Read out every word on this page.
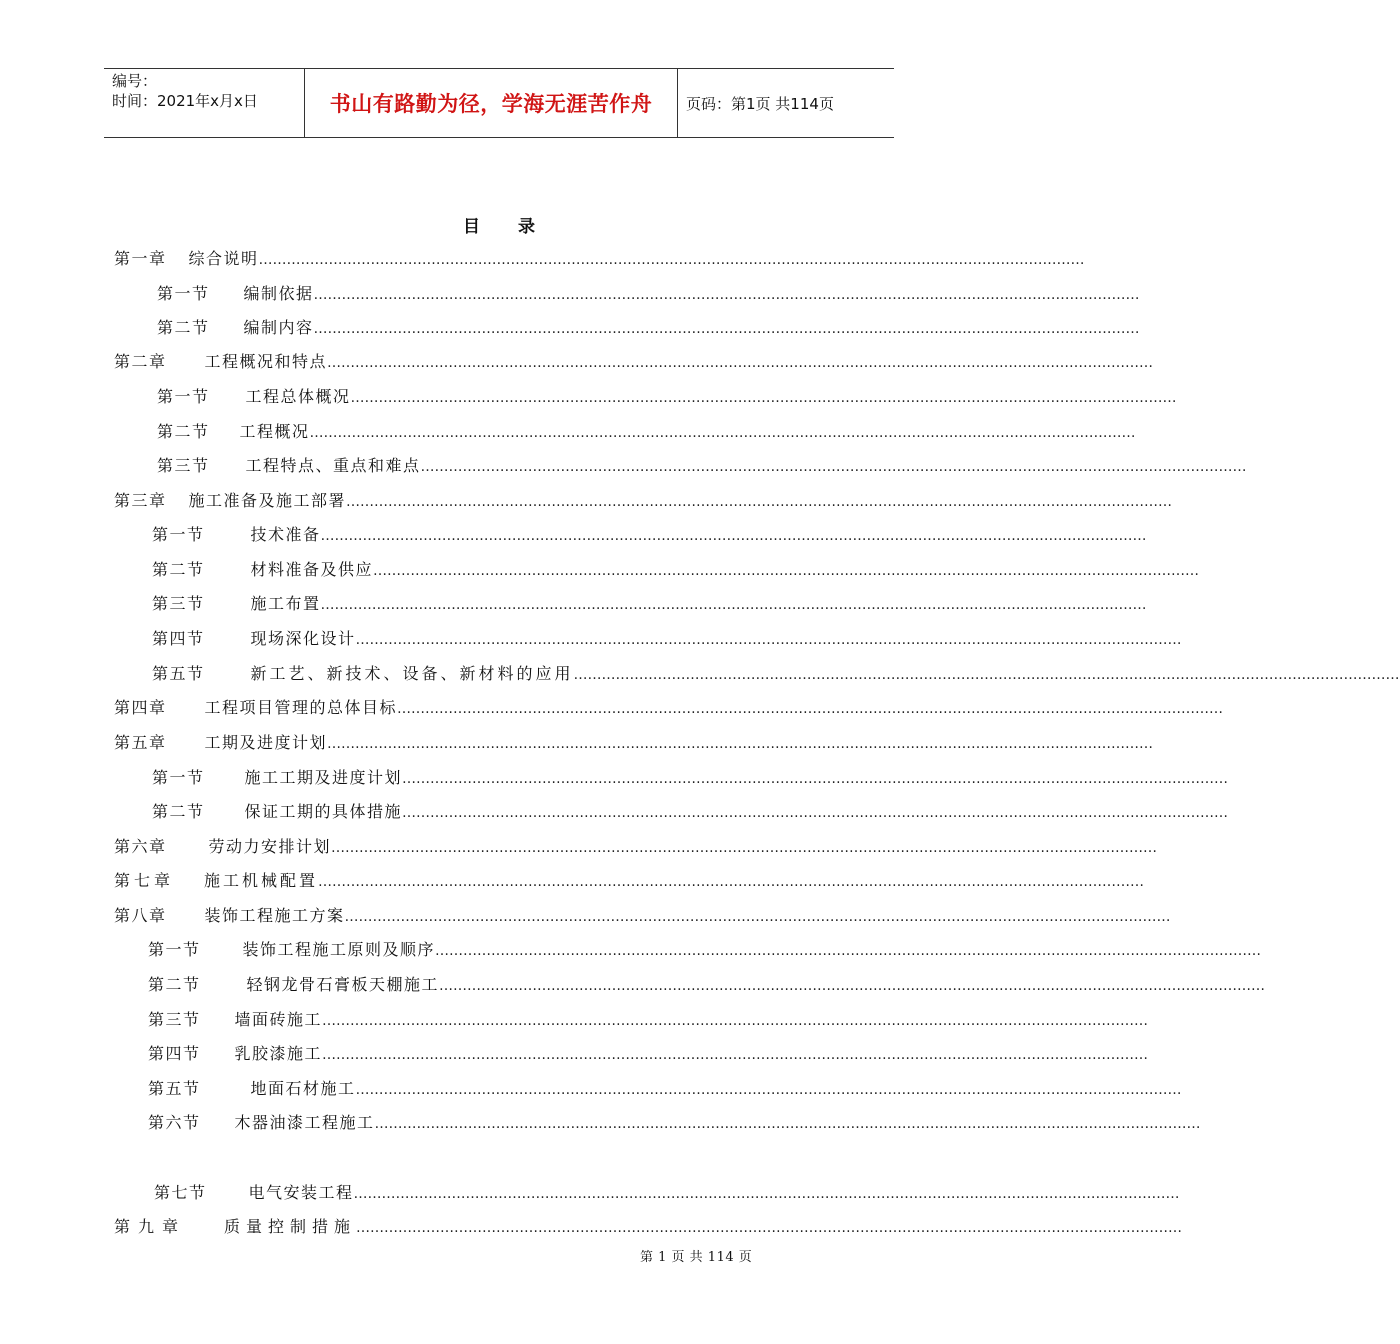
编号：
时间：2021年x月x日	书山有路勤为径，学海无涯苦作舟 页码：第1页 共114页
目 录
第一章 综合说明 ……………………………………………………………………………………………………………………………………………………………
第一节 编制依据 ……………………………………………………………………………………………………………………………………………………………
第二节 编制内容 ……………………………………………………………………………………………………………………………………………………………
第二章 工程概况和特点 ……………………………………………………………………………………………………………………………………………………………
第一节 工程总体概况 ……………………………………………………………………………………………………………………………………………………………
第二节 工程概况 ……………………………………………………………………………………………………………………………………………………………
第三节 工程特点、重点和难点 ……………………………………………………………………………………………………………………………………………………………
第三章 施工准备及施工部署 ……………………………………………………………………………………………………………………………………………………………
第一节	技术准备 ……………………………………………………………………………………………………………………………………………………………
第二节	材料准备及供应 ……………………………………………………………………………………………………………………………………………………………
第三节	施工布置 ……………………………………………………………………………………………………………………………………………………………
第四节	现场深化设计 ……………………………………………………………………………………………………………………………………………………………
第五节	新工艺、新技术、设备、新材料的应用 ……………………………………………………………………………………………………………………………………………………………
第四章 工程项目管理的总体目标 ……………………………………………………………………………………………………………………………………………………………
第五章 工期及进度计划 ……………………………………………………………………………………………………………………………………………………………
第一节	施工工期及进度计划 ……………………………………………………………………………………………………………………………………………………………
第二节	保证工期的具体措施 ……………………………………………………………………………………………………………………………………………………………
第六章	劳动力安排计划 ……………………………………………………………………………………………………………………………………………………………
第七章 施工机械配置 ……………………………………………………………………………………………………………………………………………………………
第八章 装饰工程施工方案 ……………………………………………………………………………………………………………………………………………………………
第一节	装饰工程施工原则及顺序 ……………………………………………………………………………………………………………………………………………………………
第二节	轻钢龙骨石膏板天棚施工 ……………………………………………………………………………………………………………………………………………………………
第三节 墙面砖施工 ……………………………………………………………………………………………………………………………………………………………
第四节 乳胶漆施工 ……………………………………………………………………………………………………………………………………………………………
第五节	地面石材施工 ……………………………………………………………………………………………………………………………………………………………
第六节 木器油漆工程施工 ……………………………………………………………………………………………………………………………………………………………
第七节	电气安装工程 ……………………………………………………………………………………………………………………………………………………………
第九章 质量控制措施 ……………………………………………………………………………………………………………………………………………………………
第 1 页 共 114 页
